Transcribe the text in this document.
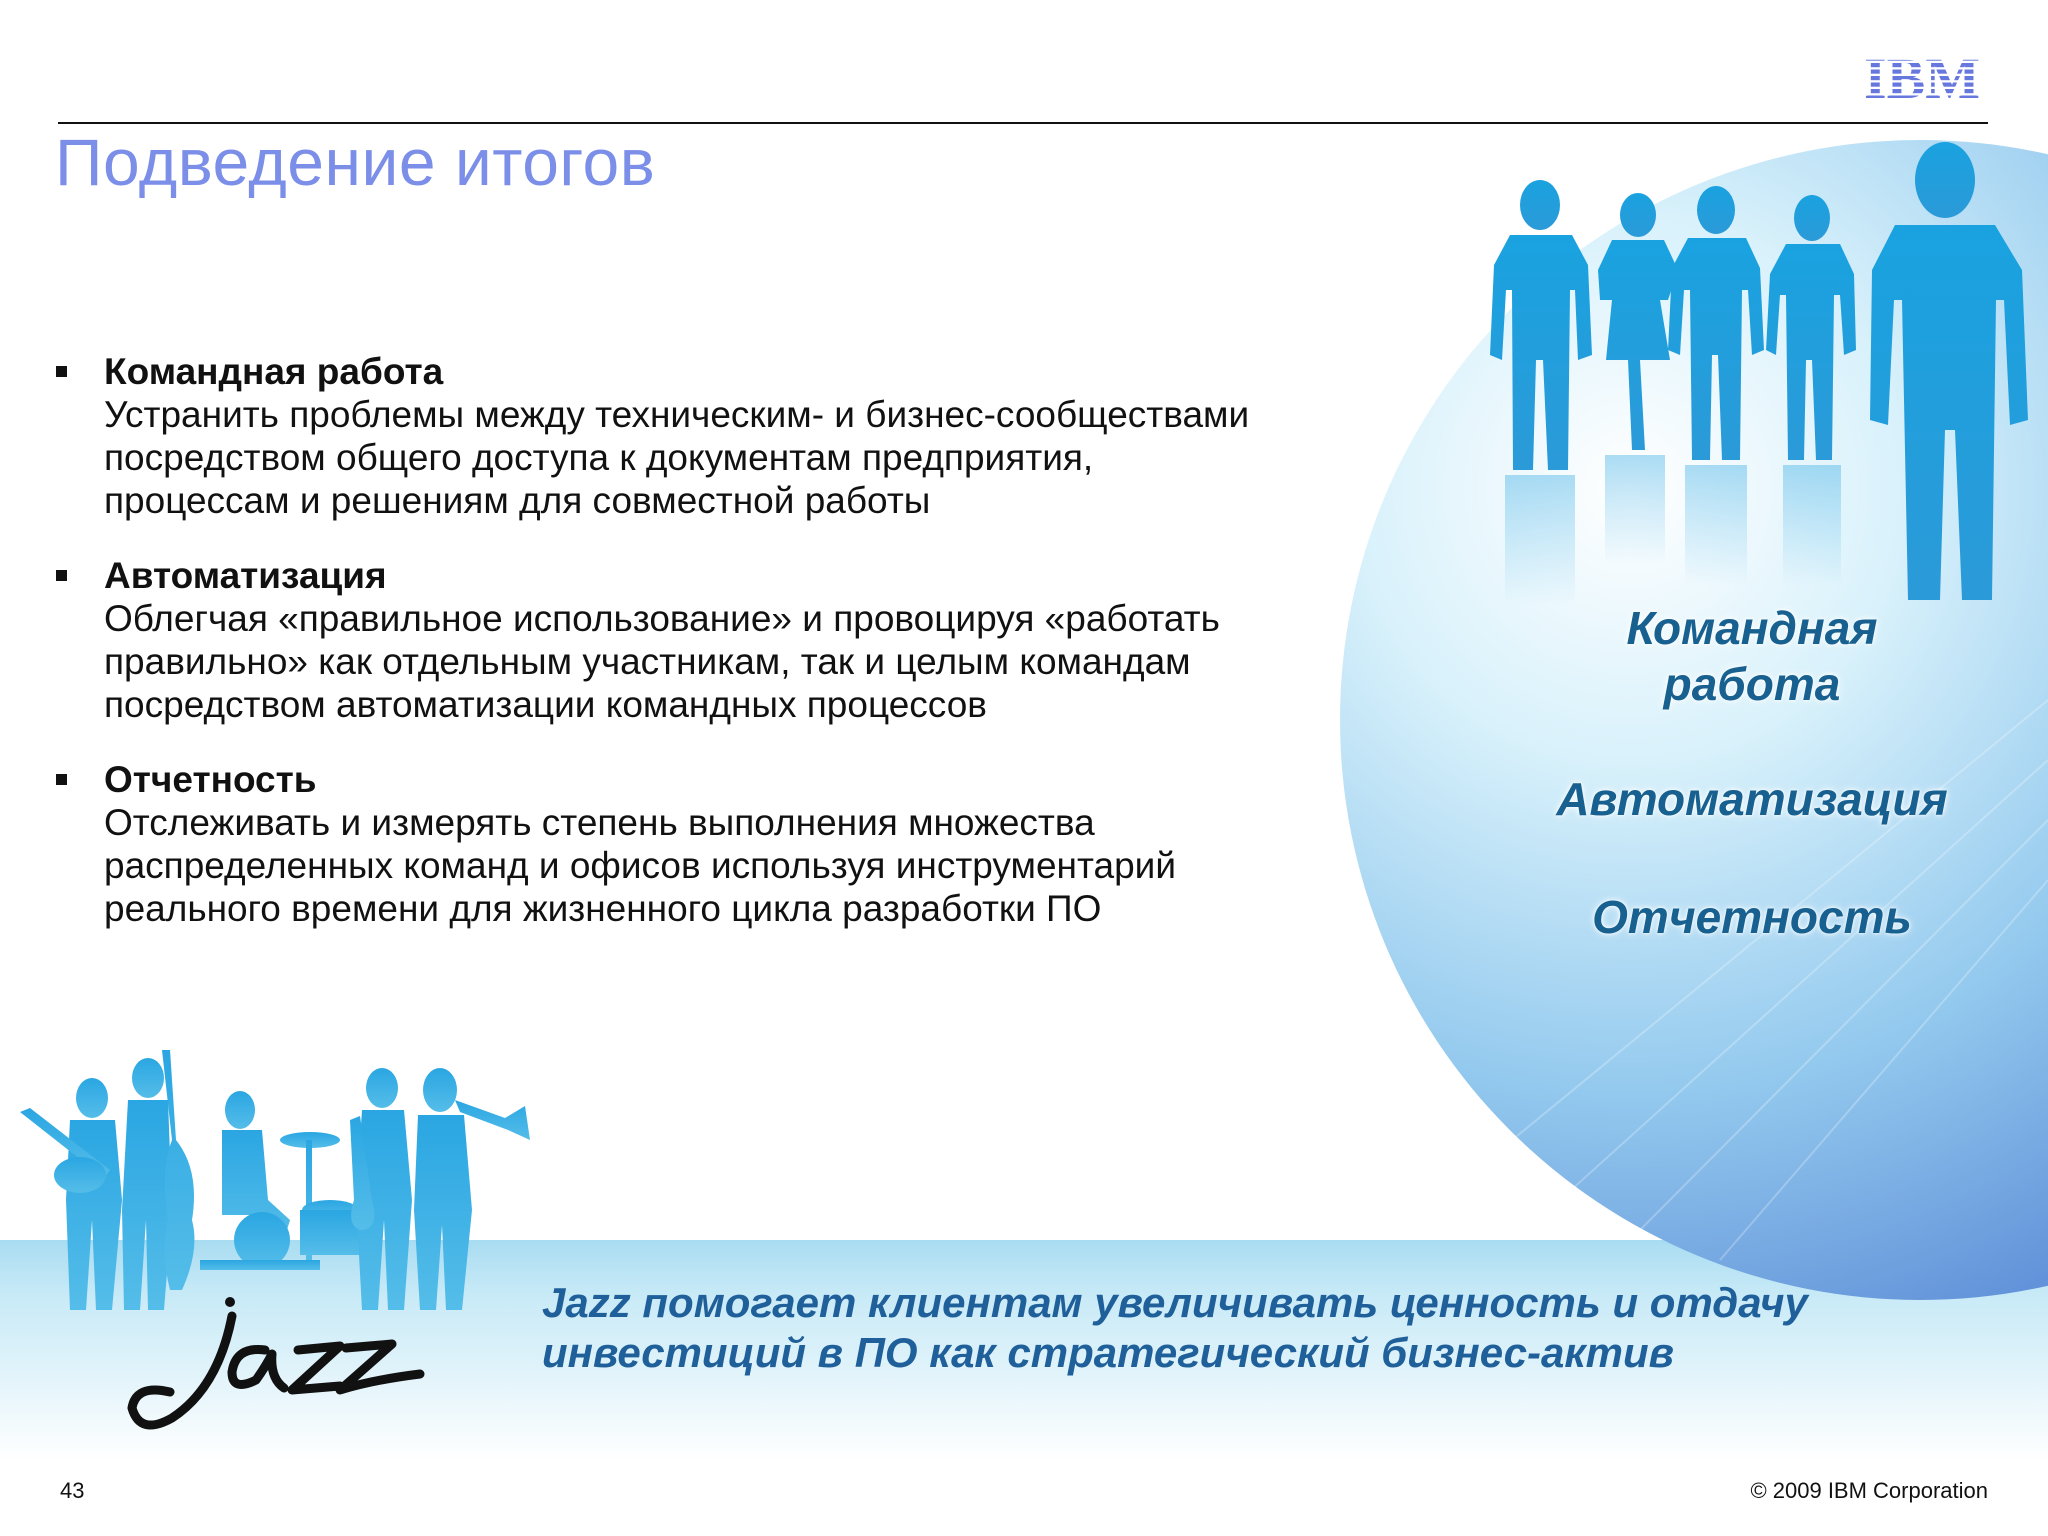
IBM
Подведение итогов
Командная работа
Устранить проблемы между техническим- и бизнес-сообществами
посредством общего доступа к документам предприятия,
процессам и решениям для совместной работы
Автоматизация
Облегчая «правильное использование» и провоцируя «работать
правильно» как отдельным участникам, так и целым командам
посредством автоматизации командных процессов
Отчетность
Отслеживать и измерять степень выполнения множества
распределенных команд и офисов используя инструментарий
реального времени для жизненного цикла разработки ПО
Командная
работа
Автоматизация
Отчетность
Jazz помогает клиентам увеличивать ценность и отдачу
инвестиций в ПО как стратегический бизнес-актив
43	© 2009 IBM Corporation
